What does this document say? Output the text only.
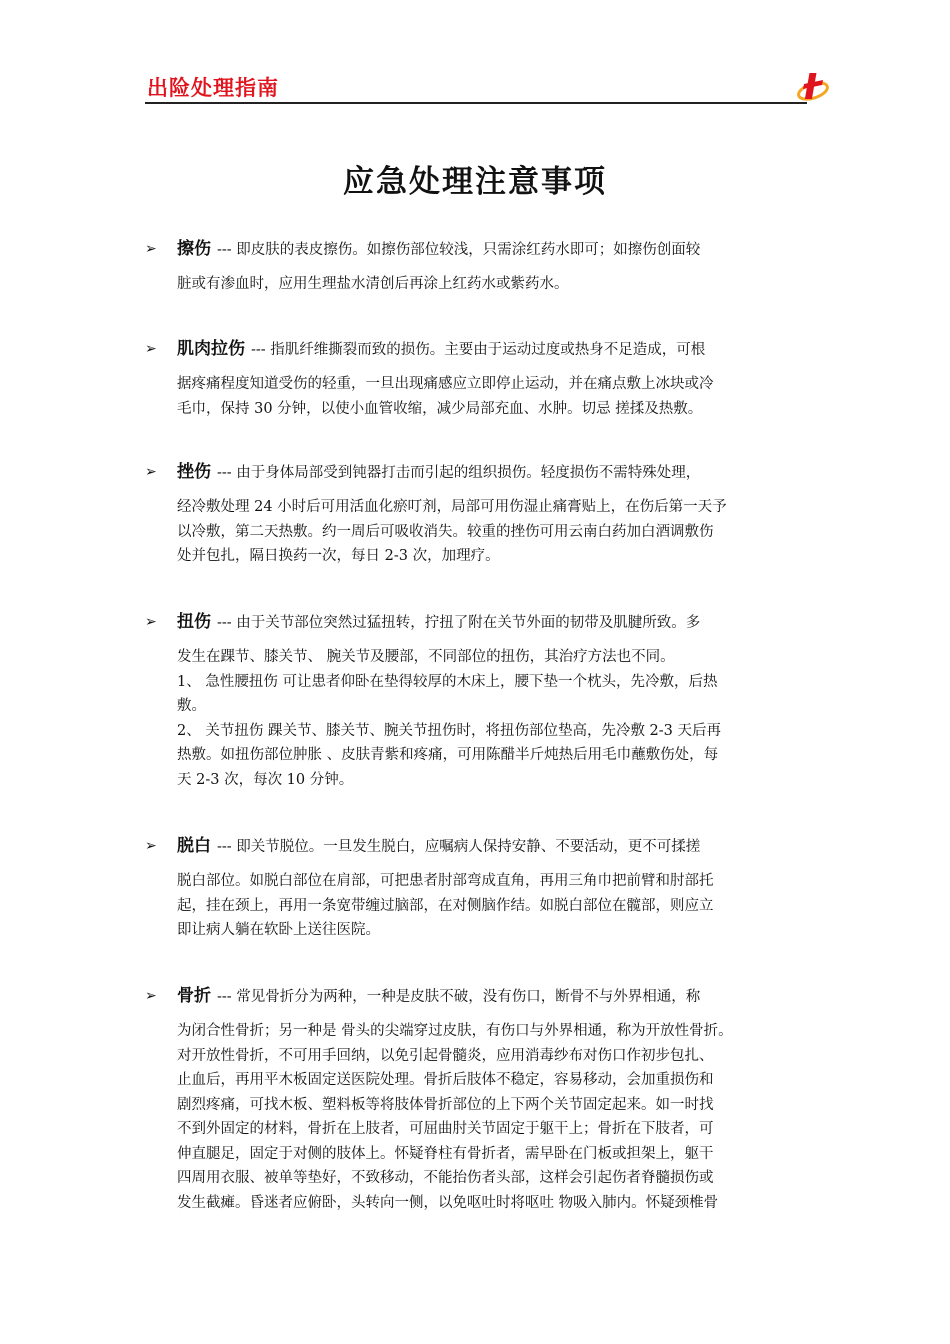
出险处理指南
应急处理注意事项
➢ 擦伤 --- 即皮肤的表皮擦伤。如擦伤部位较浅，只需涂红药水即可；如擦伤创面较

脏或有渗血时，应用生理盐水清创后再涂上红药水或紫药水。

➢ 肌肉拉伤 --- 指肌纤维撕裂而致的损伤。主要由于运动过度或热身不足造成，可根

据疼痛程度知道受伤的轻重，一旦出现痛感应立即停止运动，并在痛点敷上冰块或冷

毛巾，保持 30 分钟，以使小血管收缩，减少局部充血、水肿。切忌 搓揉及热敷。

➢ 挫伤 --- 由于身体局部受到钝器打击而引起的组织损伤。轻度损伤不需特殊处理，

经冷敷处理 24 小时后可用活血化瘀叮剂，局部可用伤湿止痛膏贴上，在伤后第一天予

以冷敷，第二天热敷。约一周后可吸收消失。较重的挫伤可用云南白药加白酒调敷伤

处并包扎，隔日换药一次，每日 2-3 次，加理疗。

➢ 扭伤 --- 由于关节部位突然过猛扭转，拧扭了附在关节外面的韧带及肌腱所致。多

发生在踝节、膝关节、 腕关节及腰部，不同部位的扭伤，其治疗方法也不同。

1、 急性腰扭伤 可让患者仰卧在垫得较厚的木床上，腰下垫一个枕头，先冷敷，后热

敷。

2、 关节扭伤 踝关节、膝关节、腕关节扭伤时，将扭伤部位垫高，先冷敷 2-3 天后再

热敷。如扭伤部位肿胀 、皮肤青紫和疼痛，可用陈醋半斤炖热后用毛巾蘸敷伤处，每

天 2-3 次，每次 10 分钟。

➢ 脱白 --- 即关节脱位。一旦发生脱白，应嘱病人保持安静、不要活动，更不可揉搓

脱白部位。如脱白部位在肩部，可把患者肘部弯成直角，再用三角巾把前臂和肘部托

起，挂在颈上，再用一条宽带缠过脑部，在对侧脑作结。如脱白部位在髋部，则应立

即让病人躺在软卧上送往医院。

➢ 骨折 --- 常见骨折分为两种，一种是皮肤不破，没有伤口，断骨不与外界相通，称

为闭合性骨折；另一种是 骨头的尖端穿过皮肤，有伤口与外界相通，称为开放性骨折。

对开放性骨折，不可用手回纳，以免引起骨髓炎，应用消毒纱布对伤口作初步包扎、

止血后，再用平木板固定送医院处理。骨折后肢体不稳定，容易移动，会加重损伤和

剧烈疼痛，可找木板、塑料板等将肢体骨折部位的上下两个关节固定起来。如一时找

不到外固定的材料，骨折在上肢者，可屈曲肘关节固定于躯干上；骨折在下肢者，可

伸直腿足，固定于对侧的肢体上。怀疑脊柱有骨折者，需早卧在门板或担架上，躯干

四周用衣服、被单等垫好，不致移动，不能抬伤者头部，这样会引起伤者脊髓损伤或

发生截瘫。昏迷者应俯卧，头转向一侧，以免呕吐时将呕吐 物吸入肺内。怀疑颈椎骨
